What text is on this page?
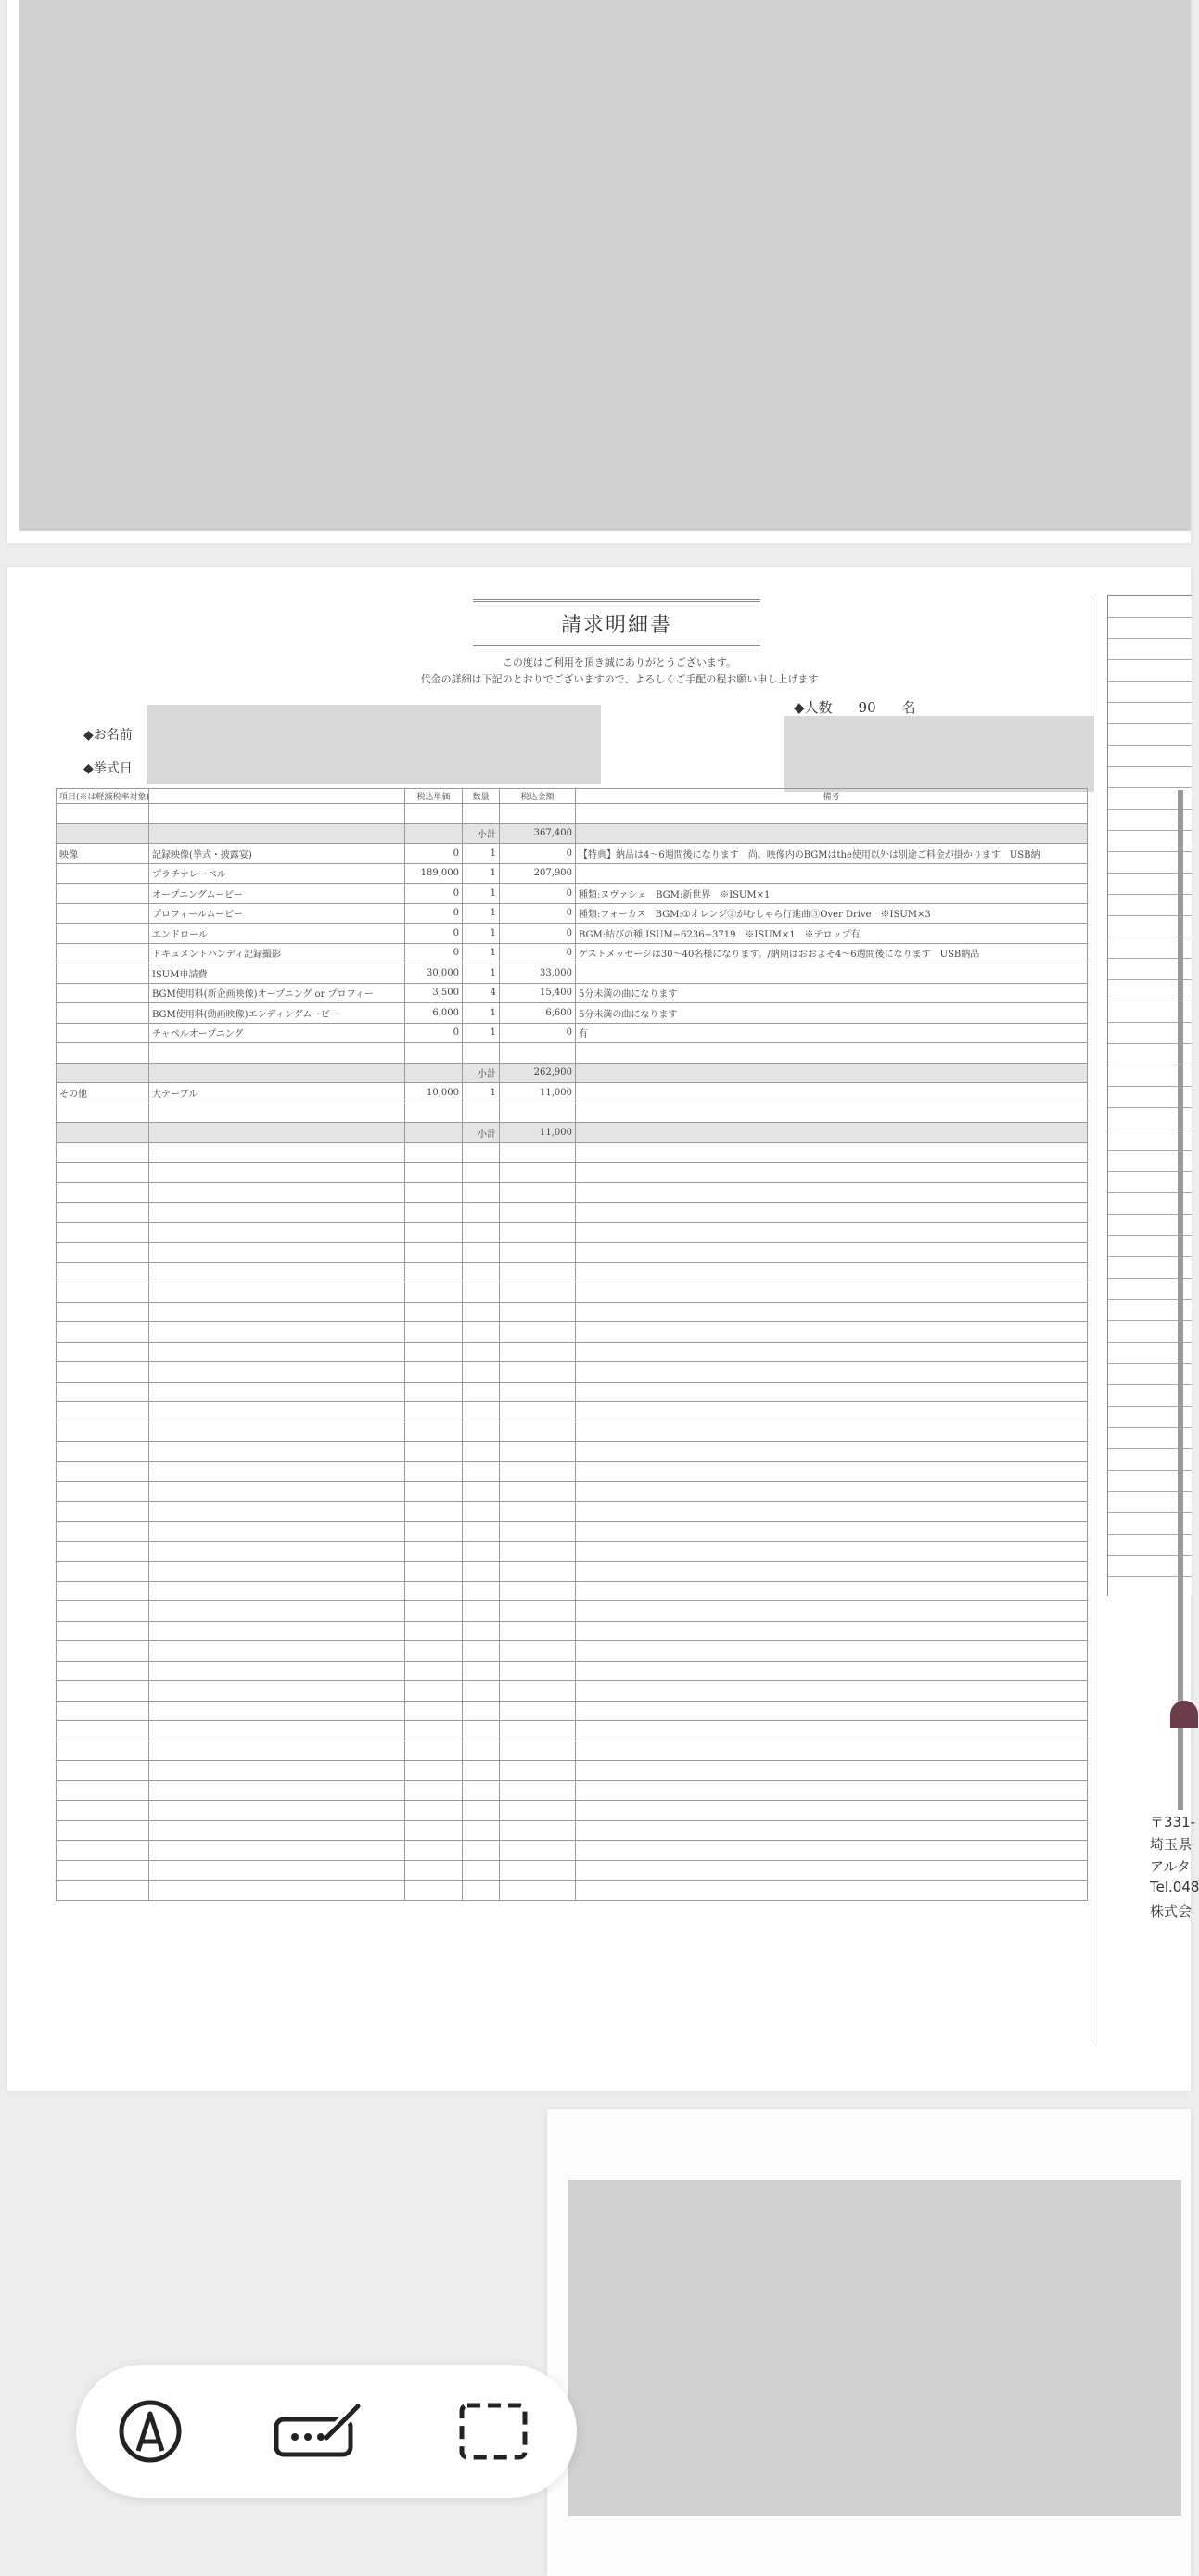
請求明細書
この度はご利用を頂き誠にありがとうございます。
代金の詳細は下記のとおりでございますので、よろしくご手配の程お願い申し上げます
◆人数 90 名
◆お名前
◆挙式日
項目(※は軽減税率対象)		税込単価	数量	税込金額	備考

			小計	367,400	
映像	記録映像(挙式・披露宴)	0	1	0	【特典】納品は4〜6週間後になります　尚、映像内のBGMはthe使用以外は別途ご料金が掛かります　USB納
	プラチナレーベル	189,000	1	207,900	
	オープニングムービー	0	1	0	種類:ヌヴァシェ　BGM:新世界　※ISUM×1
	プロフィールムービー	0	1	0	種類:フォーカス　BGM:①オレンジ②がむしゃら行進曲③Over Drive　※ISUM×3
	エンドロール	0	1	0	BGM:結びの種,ISUM−6236−3719　※ISUM×1　※テロップ有
	ドキュメントハンディ記録撮影	0	1	0	ゲストメッセージは30〜40名様になります。/納期はおおよそ4〜6週間後になります　USB納品
	ISUM申請費	30,000	1	33,000	
	BGM使用料(新企画映像)オープニング or プロフィー	3,500	4	15,400	5分未満の曲になります
	BGM使用料(動画映像)エンディングムービー	6,000	1	6,600	5分未満の曲になります
	チャペルオープニング	0	1	0	有

			小計	262,900	
その他	大テーブル	10,000	1	11,000	

			小計	11,000	

〒331-
埼玉県
アルタ
Tel.048
株式会
